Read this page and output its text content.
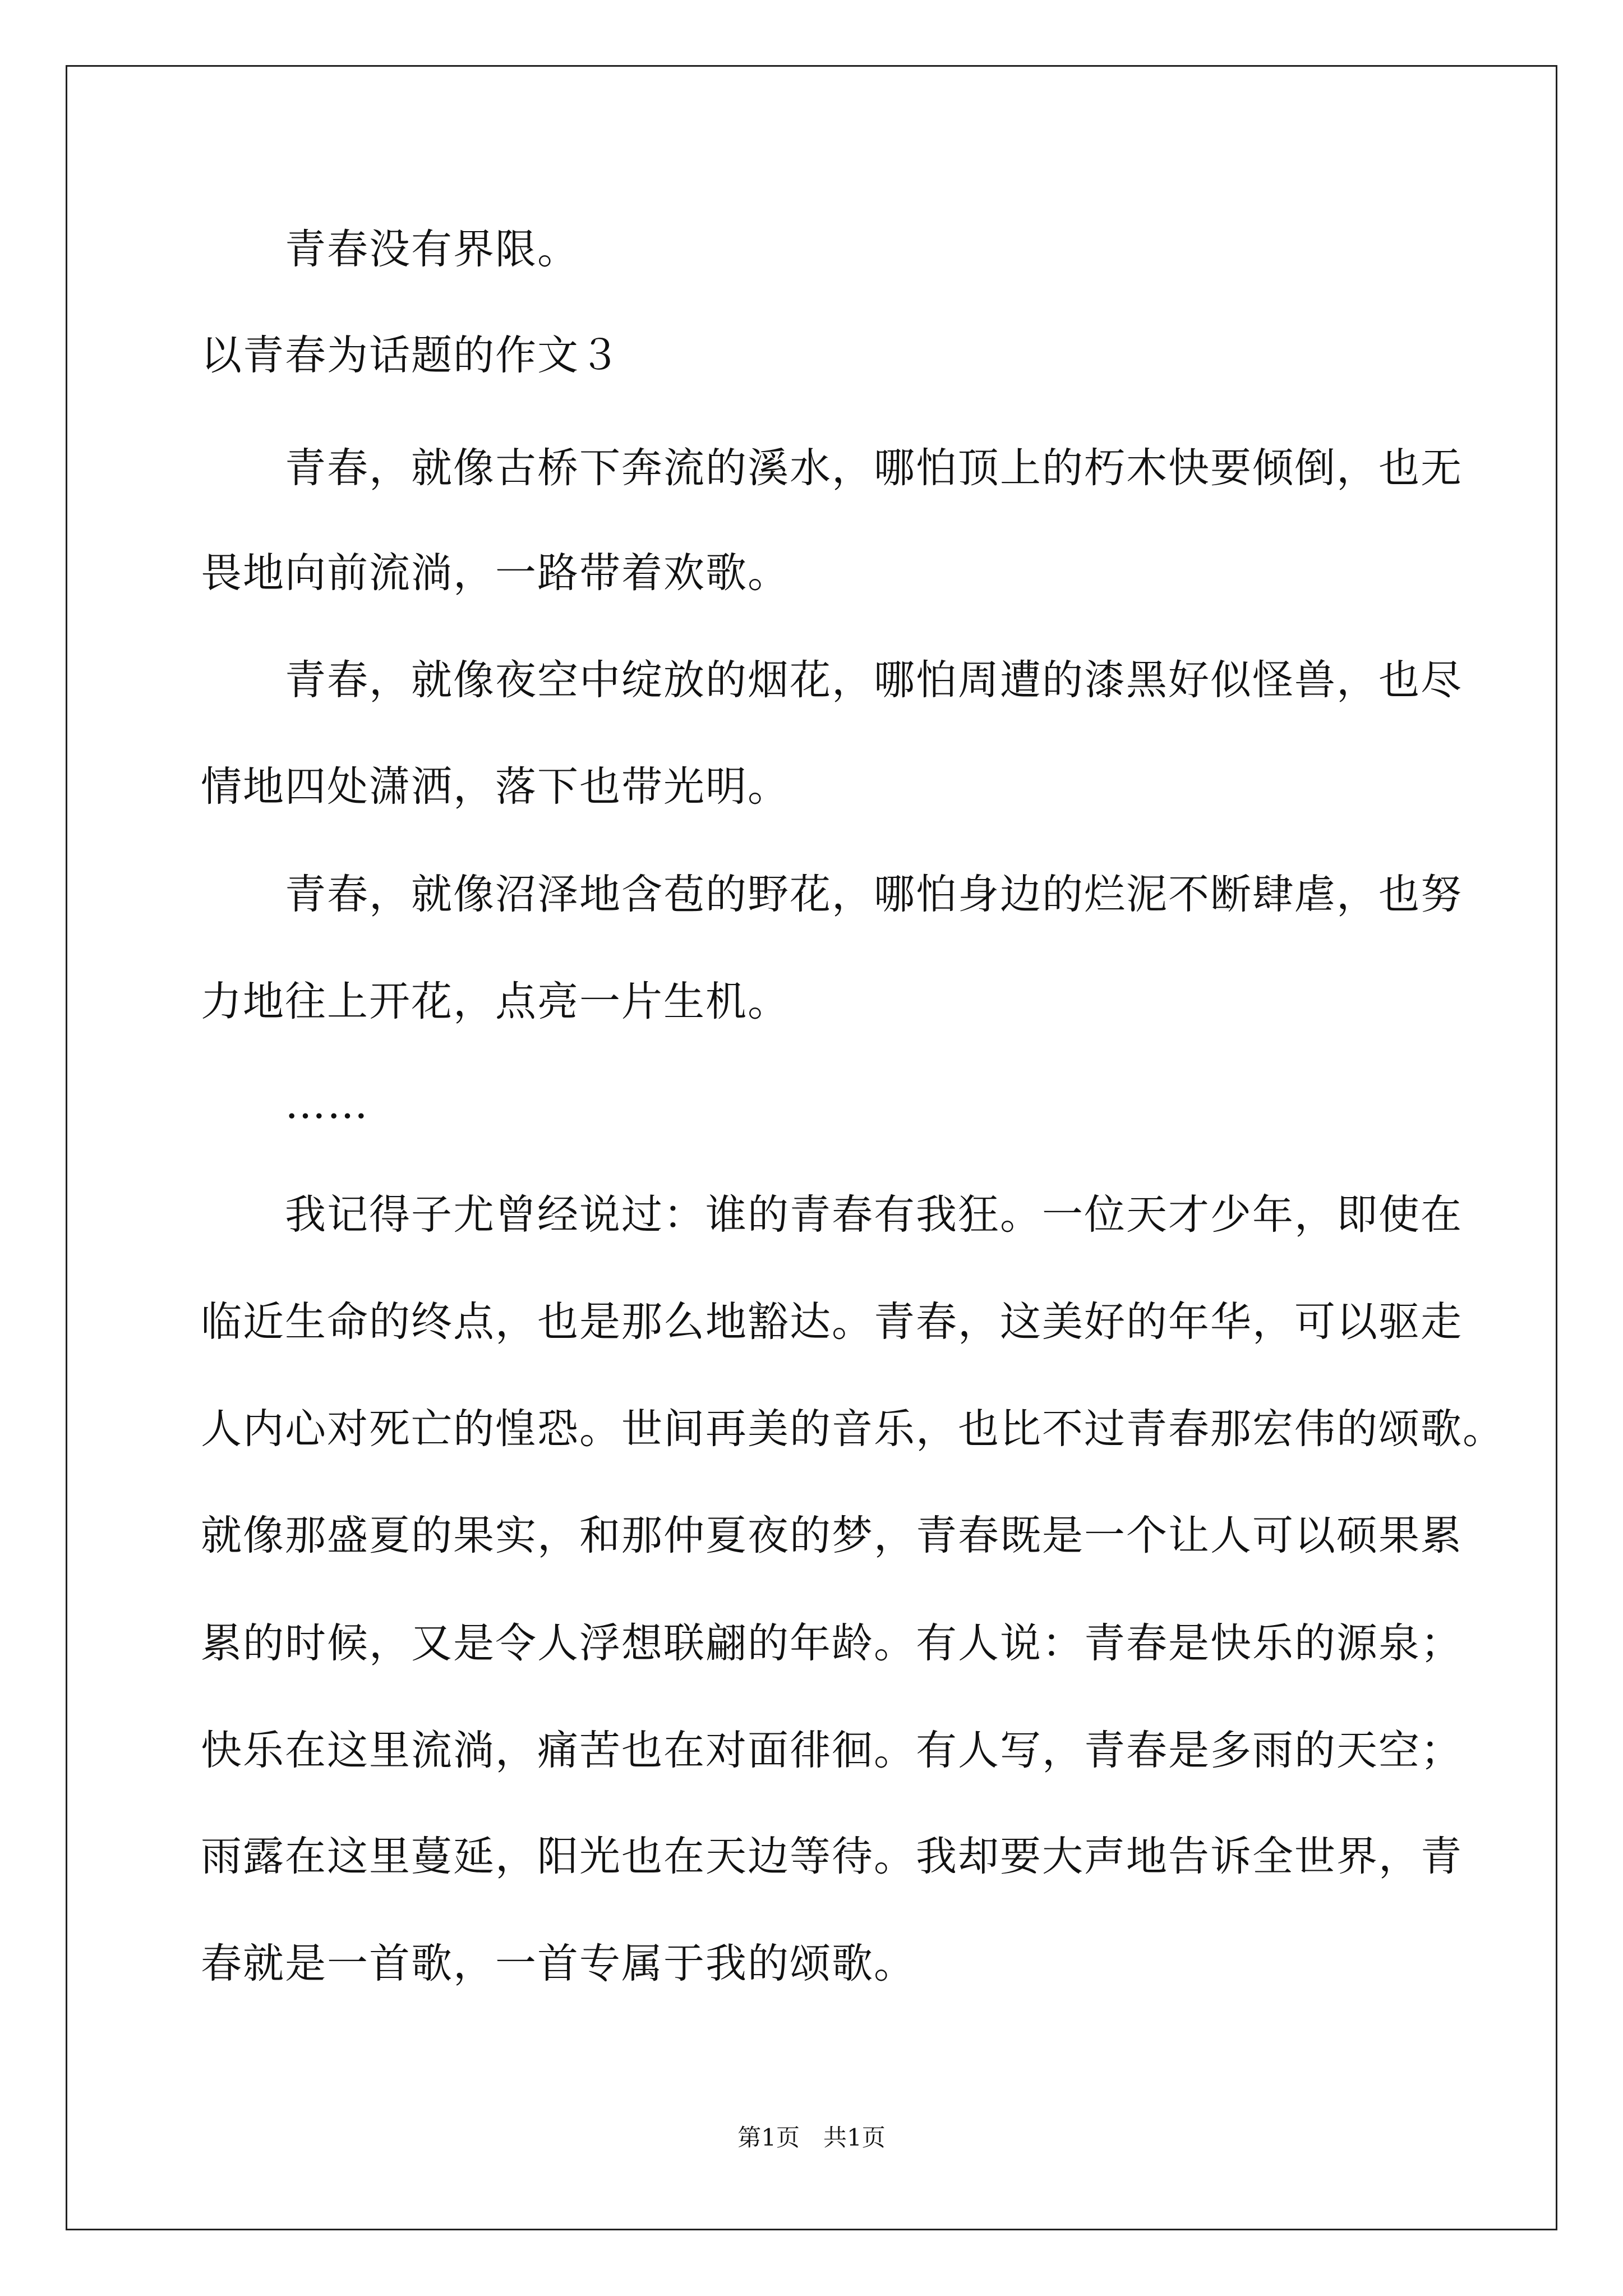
　　青春没有界限。
以青春为话题的作文３
　　青春，就像古桥下奔流的溪水，哪怕顶上的朽木快要倾倒，也无
畏地向前流淌，一路带着欢歌。
　　青春，就像夜空中绽放的烟花，哪怕周遭的漆黑好似怪兽，也尽
情地四处潇洒，落下也带光明。
　　青春，就像沼泽地含苞的野花，哪怕身边的烂泥不断肆虐，也努
力地往上开花，点亮一片生机。
　　……
　　我记得子尤曾经说过：谁的青春有我狂。一位天才少年，即使在
临近生命的终点，也是那么地豁达。青春，这美好的年华，可以驱走
人内心对死亡的惶恐。世间再美的音乐，也比不过青春那宏伟的颂歌。
就像那盛夏的果实，和那仲夏夜的梦，青春既是一个让人可以硕果累
累的时候，又是令人浮想联翩的年龄。有人说：青春是快乐的源泉；
快乐在这里流淌，痛苦也在对面徘徊。有人写，青春是多雨的天空；
雨露在这里蔓延，阳光也在天边等待。我却要大声地告诉全世界，青
春就是一首歌，一首专属于我的颂歌。
第1页　共1页
